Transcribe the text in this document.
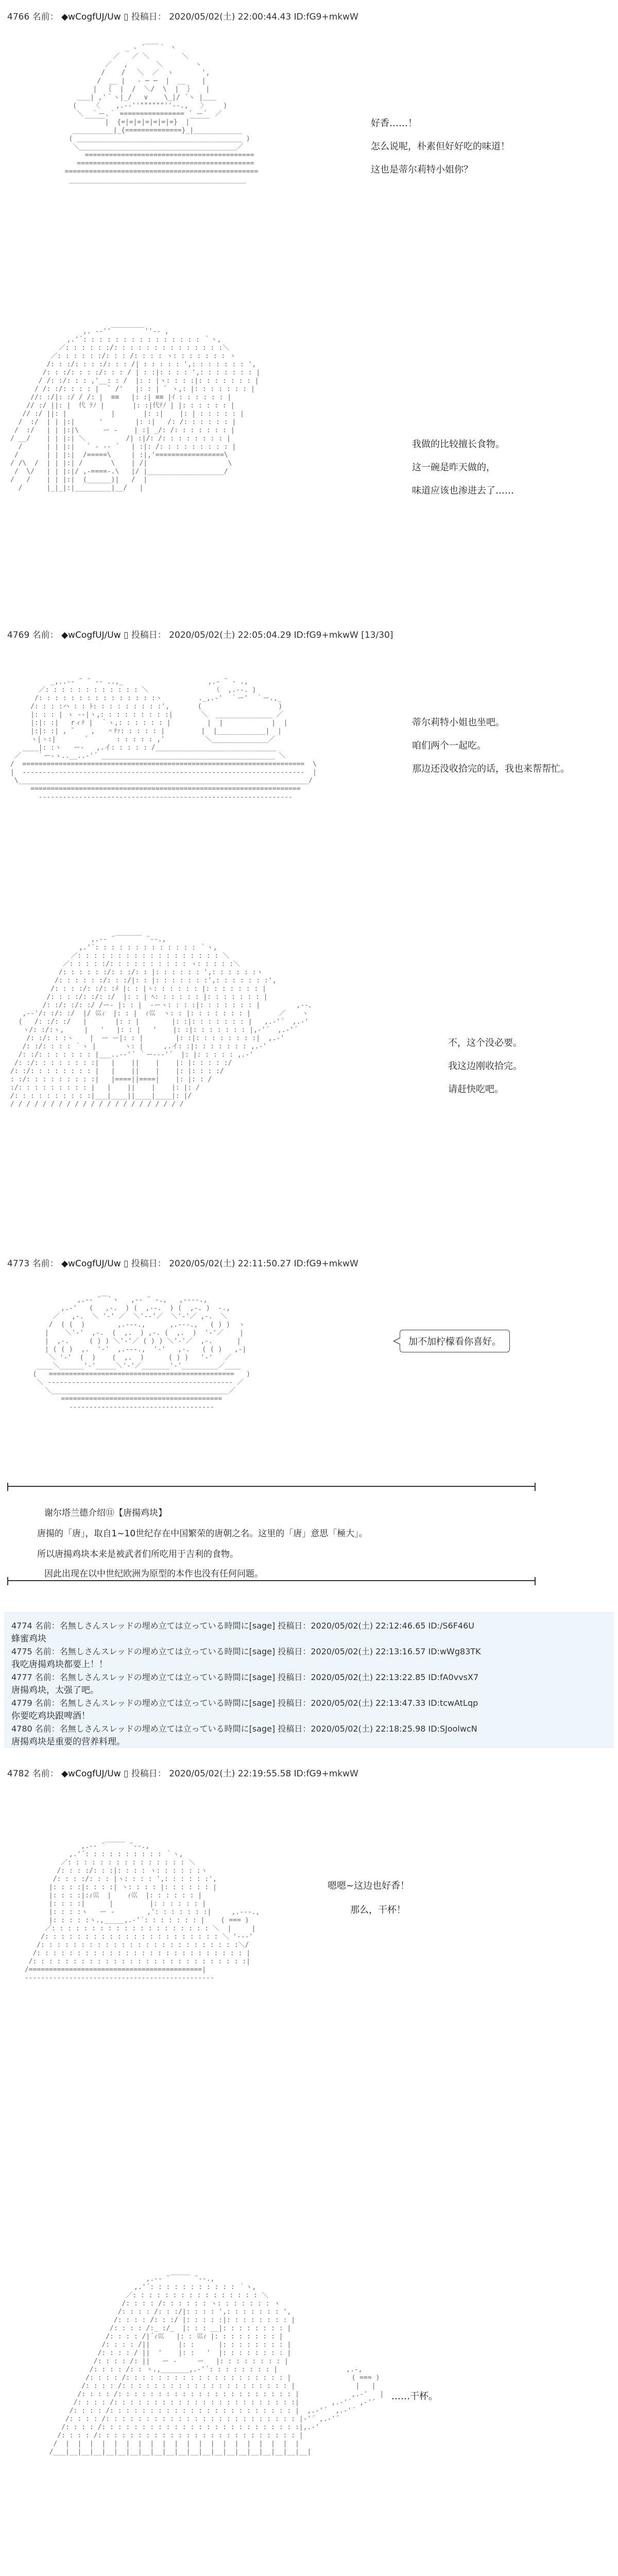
4766 名前： ◆wCogfUJ/Uw ▯ 投稿日： 2020/05/02(土) 22:00:44.43 ID:fG9+mkwW

_ ‐ ´￣￣｀ 丶
／   ／ ＼        ＼
／   ,       ＼        ヽ
/    /   ＼  ／  ヽ       ',
/  __ |   ‐ ─ ─  |  __    |
|  ｛  |  /  ＼/  \  |  ｝   |
＿＿| ,'｀ヽ|_/   ∨    \_|/ ´ヽ |＿＿
(    〈    ,.-‐''""""""''‐-.,   〉    )
＼  ｀ー.｀ ================ ´ ー´  ／
￣￣￣|  {=|=|=|=|=|=|=}  |￣￣￣
__________|_{==============}_|____________
( _________________________________________ )
＼_______________________________________／
==========================================
============================================
================================================
____________________________________________

好香……！
怎么说呢，朴素但好好吃的味道！
这也是蒂尔莉特小姐你？

,. -‐''￣￣￣￣￣''‐- ,
,.'´: : : : : : : : : : : : : : : ｀ヽ,
／: : : : : :/: : : : : : : : : : : : : :＼
／: : : : : :/: : : /: : : : ヽ: : : : : : : ヽ
/: : :/: : : :/: : : /| : : : : : ',: : : : : : : ',
/: : :/: : : :/: : : / | : :|: : : : ',: : : : : : : |
/ /: :/: : : ,'__: : /  |: : |ヽ: : : :|: : : : : : : |
/ /: :/: : : : |  ` /'   |: : | ` ヽ,: |: : : : : : : |
//: :/|: :/ / /: |  ≡≡   |: :| ≡≡ |ｲ : : : : : : |
// :/ ||: |  代 ﾃﾉ |       |: :|代ﾃﾉ | |: : : : : : |
// :/ ||: |           |       |: :|    |: | : : : : : |
/  :/  | | |:|      '        |: :|   /: /: : : : : : |
/  :/   | | |:|\      ー ‐    | :| _/: /: : : : : : : |
/ __/    | | |:| ＼          /| :|/: /: : : : : : : : |
/      | | |:|   ` ‐ -‐ ´   | :|: /: : : : : : : : : |
/       | | |:|  /=====\     | :|,'=================\
/ /\  /  | | |:| /       \    | /|                    \
/  \/   | | |:|/ ,-====-.\   |/ |___________________/
/   /    | | |:|  (______)|   /  |
/      |_|_|:|_________|__/   |

我做的比较擅长食物。
这一碗是昨天做的，
味道应该也渗进去了……
4769 名前： ◆wCogfUJ/Uw ▯ 投稿日： 2020/05/02(土) 22:05:04.29 ID:fG9+mkwW [13/30]

_,..-‐ ¨ ¨ ‐- ..,_                     ,.‐ ¨ ‐ .,
／: : : : : : : : : : : : ＼                （  ,.-‐. )
/: : : : : : : : : : : : : : :ヽ         ._,.-'  ｀ー'  ｀ー.,_
/: : : :ハ : : ﾄ: : : : : : : : :',       (                   )
|: : : | ゝ ‐-|ヽ,: : : : : : : : :|       ＼  ______________ ／
|:|: :|   rィﾃ |  ｀ヽ,: : : : : : |         |  |            |  |
|:|: :| , ¨    ,   ＾ﾃｧ: : : : : |         |  |____________|  |
ヽ|ヽ:|       ´       : : : : : ,'          ＼______________／
____|: :ヽ   ー‐   ,.イ: : : : : /______________________________
／    ｀ー-ゝ..__..-'´ ___________________________________________ ＼
/  ======================================================================  \
|  ----------------------------------------------------------------------  |
\________________________________________________________________________/
===================================================================
---------------------------------------------------------------

蒂尔莉特小姐也坐吧。
咱们两个一起吃。
那边还没收拾完的话，我也来帮帮忙。

,.-‐ ¨￣￣￣￣ ¨‐-.,
,.'´: : : : : : : : : : : : : ｀ヽ,
／: : : : : : : : : : : : : : : : : : ＼
／: : : : :/: : : : : : : : : : ヽ: : : : :＼
/: : : : : :/: : :/: : |: : : : : : ',: : : : : :ヽ
/: : : : : :/: : :/|: : |: : : : : : :',: : : : : : :',
/: : : :/: :/: :ﾒ |: : |ヽ: : : : : : |: : : : : : : |
/: : : :/: :/: :/  |: : | ﾍ: : : : : : |: : : : : : : |
/: :/: :/: :/ /ー- |: : |  -ーヽ: : : :|: : : : : : : |         ,--、
,-‐'/: :/: :/  |/ 巛ｨ  |: : |  ｨ巛  ヽ: : |: : : : : : : |       ／    ヽ
(   /: :/: :/   |       |: : |        |: :|: : : : : : : |   ,.-'´  ,.-'
ヽ/: :/:ヽ,     |   '   |: : |   '    |: :|: : : : : : : |,-'´  ,.-'´
/: :/: : :ヽ    |  ー ー|: : |        |: :|: : : : : : : :|  ,.-'
/: :/: : : : ｀ヽ |       ヽ: |     ,.イ: :|: : : : : : : ,.-'
/: :/: : : : : : : |___..-‐'´ ｀ー--‐'´  |: |: : : : : ,.-'
/: :/: : : : : : : :|   |    ||    |    |: |: : : : :/
/: :/: : : : : : : : |   |    ||    |    |: |: : : :/
: :/: : : : : : : : :|   |====||====|    |: |: : /
:/: : : : : : : : : |   |    ||    |    |: |: /
/: : : : : : : : : :|___|____||____|____|: |/
/ / / / / / / / / / / / / / / / / / / / / /

不，这个没必要。
我这边刚收拾完。
请赶快吃吧。
4773 名前： ◆wCogfUJ/Uw ▯ 投稿日： 2020/05/02(土) 22:11:50.27 ID:fG9+mkwW

,.-‐ ¨￣`ヽ   ,-‐ ¨ ‐.,   ,-‐‐-.,
,.-'   (   ,-.  ) (  ,--.  ) (  ,-. )  ‐.,
／   ,-.  ＼ '-' ／  ＼'--'／  ＼'-'／ ,-.  ＼
/  ( (  )        ,.-‐-.,      ,.-‐-.,   ( ) )  ヽ
|    ＼'-'  ,-.  (  ,.  ) ,-. (  ,.  )  '-'／    |
|  ,-.     ( ) ) ＼'-'／ ( ) ) ＼'-'／  ,-.      |
| ( ( )  ,.  '-'  ,.-‐-.,  '-'   ,-.   ( ( )   ,-|
＼ '-'  (  )    (  ,.  )      ( ) )   '-'   ／
____＼______'-'_____＼'-'／_______'-'_________／____
(   ==============================================   )
＼ ---------------------------------------------- ／
＼____________________________________________／
========================================
------------------------------------

加不加柠檬看你喜好。
谢尔塔兰德介绍⑪【唐揚鸡块】
唐揚的「唐」，取自1~10世纪存在中国繁荣的唐朝之名。这里的「唐」意思「極大」。
所以唐揚鸡块本来是被武者们所吃用于吉利的食物。
因此出现在以中世纪欧洲为原型的本作也没有任何问题。
4774 名前：名無しさんスレッドの埋め立ては立っている時間に[sage] 投稿日：2020/05/02(土) 22:12:46.65 ID:/S6F46U
蜂蜜鸡块
4775 名前：名無しさんスレッドの埋め立ては立っている時間に[sage] 投稿日：2020/05/02(土) 22:13:16.57 ID:wWg83TK
我吃唐揚鸡块都要上！！
4777 名前：名無しさんスレッドの埋め立ては立っている時間に[sage] 投稿日：2020/05/02(土) 22:13:22.85 ID:fA0vvsX7
唐揚鸡块，太强了吧。
4779 名前：名無しさんスレッドの埋め立ては立っている時間に[sage] 投稿日：2020/05/02(土) 22:13:47.33 ID:tcwAtLqp
你要吃鸡块跟啤酒！
4780 名前：名無しさんスレッドの埋め立ては立っている時間に[sage] 投稿日：2020/05/02(土) 22:18:25.98 ID:SJoolwcN
唐揚鸡块是重要的营养料理。
4782 名前： ◆wCogfUJ/Uw ▯ 投稿日： 2020/05/02(土) 22:19:55.58 ID:fG9+mkwW

,.-‐ ¨￣￣￣ ¨‐-.,
,.'´: : : : : : : : : : ｀ヽ,
／: : : : : : : : : : : : : : : ＼
/: : : :/: : :|: : : : ヽ: : : : : :ヽ
/: : : :/: : : |ヽ: : : : ',: : : : : :',
|: : : :|: : : :| ヽ: : : : |: : : : : : |
|: : : :|:ｨ巛  |    ｨ巛  |: : : : : : |
|: : : :|      |         |: : : : : : |
|: : : :ヽ   ー ‐        ,': : : : : : :|     ,.-‐-.,
|: : : : :ヽ.,_____,.-'´: : : : : : : |    ( === )
／: : : : : : : : : : : : : : : : : : : : ＼  |     |
/: : : : : : : : : : : : : : : : : : : : : : ＼ '-‐-'
/: : : : : : : : : : : : : : : : : : : : : : : : :＼/
/: : : : : : : : : : : : : : : : : : : : : : : : : : |
/: : : : : : : : : : : : : : : : : : : : : : : : : : :|
/===========================================|
-----------------------------------------------

嗯嗯~这边也好香！
那么，干杯！

,.-‐ ¨￣￣￣ ¨‐-.,
,.'´: : : : : : : : : : : ｀ヽ,
／: : : : : : : : : : : : : : : : ＼
/: : : : /: : : : : : ヽ: : : : : : : ヽ
/: : : : /: : :/|: : : : ',: : : : : : : ',
/: : : : /: : :/ |: : : : :|: : : : : : : : |
/: : : : /:_ :/_  |: : : __|: : : : : : : : |
/: : : : /|´ｨ巛   |: : 巛ｨ |: : : : : : : : |
/: : : : /||       |: :      |: : : : : : : : |
/: : : : / ||  '    |: :   '  |: : : : : : : : |
/: : : : /: ||   ー ‐     ー   |: : : : : : : : |
/: : : : /: : ヽ.,_______,.-'´: : : : : : : : |                 ,.-,
/: : : : /: : : : : : : : : : : : : : : : : : : : |               ( === )
/: : : : /: : : : : : : : : : : : : : : : : : : : : |               |   |
/: : : : /: : : : : : : : : : : : : : : : : : : : : : |             ,.-'   |
/: : : : /: : : : : : : : : : : : : : : : : : : : : : :|        ,.-'´  ,-'´
/: : : : /: : : : : : : : : : : : : : : : : : : : : : : |  ,.-'´  ,.-'´
/: : : : /: : : : : : : : : : : : : : : : : : : : : : : : |-'´ ,.-'´
/: : : : /: : : : : : : : : : : : : : : : : : : : : : : : :|,.-'
/: : : : /: : : : : : : : : : : : : : : : : : : : : : : : : |
/  |  |  |  |  |  |  |  |  |  |  |  |  |  |  |  |  |  |  |  |
/___|__|__|__|__|__|__|__|__|__|__|__|__|__|__|__|__|__|__|__|__|

……干杯。
